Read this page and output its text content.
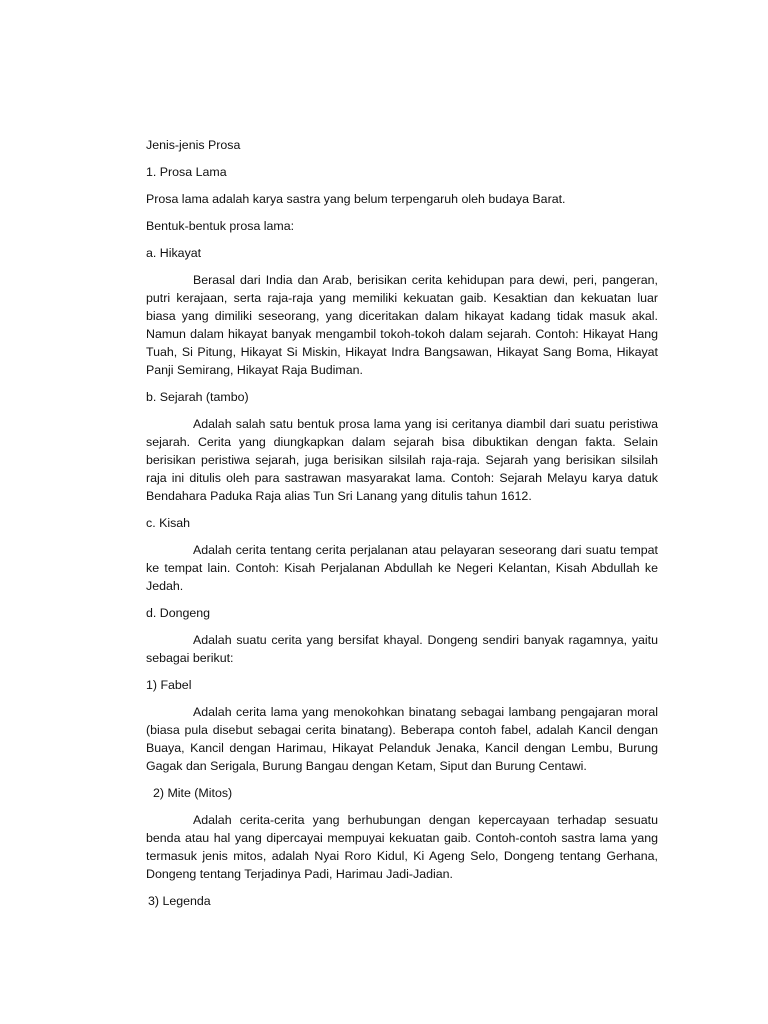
Jenis-jenis Prosa

1. Prosa Lama

Prosa lama adalah karya sastra yang belum terpengaruh oleh budaya Barat.

Bentuk-bentuk prosa lama:

a. Hikayat

Berasal dari India dan Arab, berisikan cerita kehidupan para dewi, peri, pangeran, putri kerajaan, serta raja-raja yang memiliki kekuatan gaib. Kesaktian dan kekuatan luar biasa yang dimiliki seseorang, yang diceritakan dalam hikayat kadang tidak masuk akal. Namun dalam hikayat banyak mengambil tokoh-tokoh dalam sejarah. Contoh: Hikayat Hang Tuah, Si Pitung, Hikayat Si Miskin, Hikayat Indra Bangsawan, Hikayat Sang Boma, Hikayat Panji Semirang, Hikayat Raja Budiman.

b. Sejarah (tambo)

Adalah salah satu bentuk prosa lama yang isi ceritanya diambil dari suatu peristiwa sejarah. Cerita yang diungkapkan dalam sejarah bisa dibuktikan dengan fakta. Selain berisikan peristiwa sejarah, juga berisikan silsilah raja-raja. Sejarah yang berisikan silsilah raja ini ditulis oleh para sastrawan masyarakat lama. Contoh: Sejarah Melayu karya datuk Bendahara Paduka Raja alias Tun Sri Lanang yang ditulis tahun 1612.

c. Kisah

Adalah cerita tentang cerita perjalanan atau pelayaran seseorang dari suatu tempat ke tempat lain. Contoh: Kisah Perjalanan Abdullah ke Negeri Kelantan, Kisah Abdullah ke Jedah.

d. Dongeng

Adalah suatu cerita yang bersifat khayal. Dongeng sendiri banyak ragamnya, yaitu sebagai berikut:

1) Fabel

Adalah cerita lama yang menokohkan binatang sebagai lambang pengajaran moral (biasa pula disebut sebagai cerita binatang). Beberapa contoh fabel, adalah Kancil dengan Buaya, Kancil dengan Harimau, Hikayat Pelanduk Jenaka, Kancil dengan Lembu, Burung Gagak dan Serigala, Burung Bangau dengan Ketam, Siput dan Burung Centawi.

2) Mite (Mitos)

Adalah cerita-cerita yang berhubungan dengan kepercayaan terhadap sesuatu benda atau hal yang dipercayai mempuyai kekuatan gaib. Contoh-contoh sastra lama yang termasuk jenis mitos, adalah Nyai Roro Kidul, Ki Ageng Selo, Dongeng tentang Gerhana, Dongeng tentang Terjadinya Padi, Harimau Jadi-Jadian.

3) Legenda
